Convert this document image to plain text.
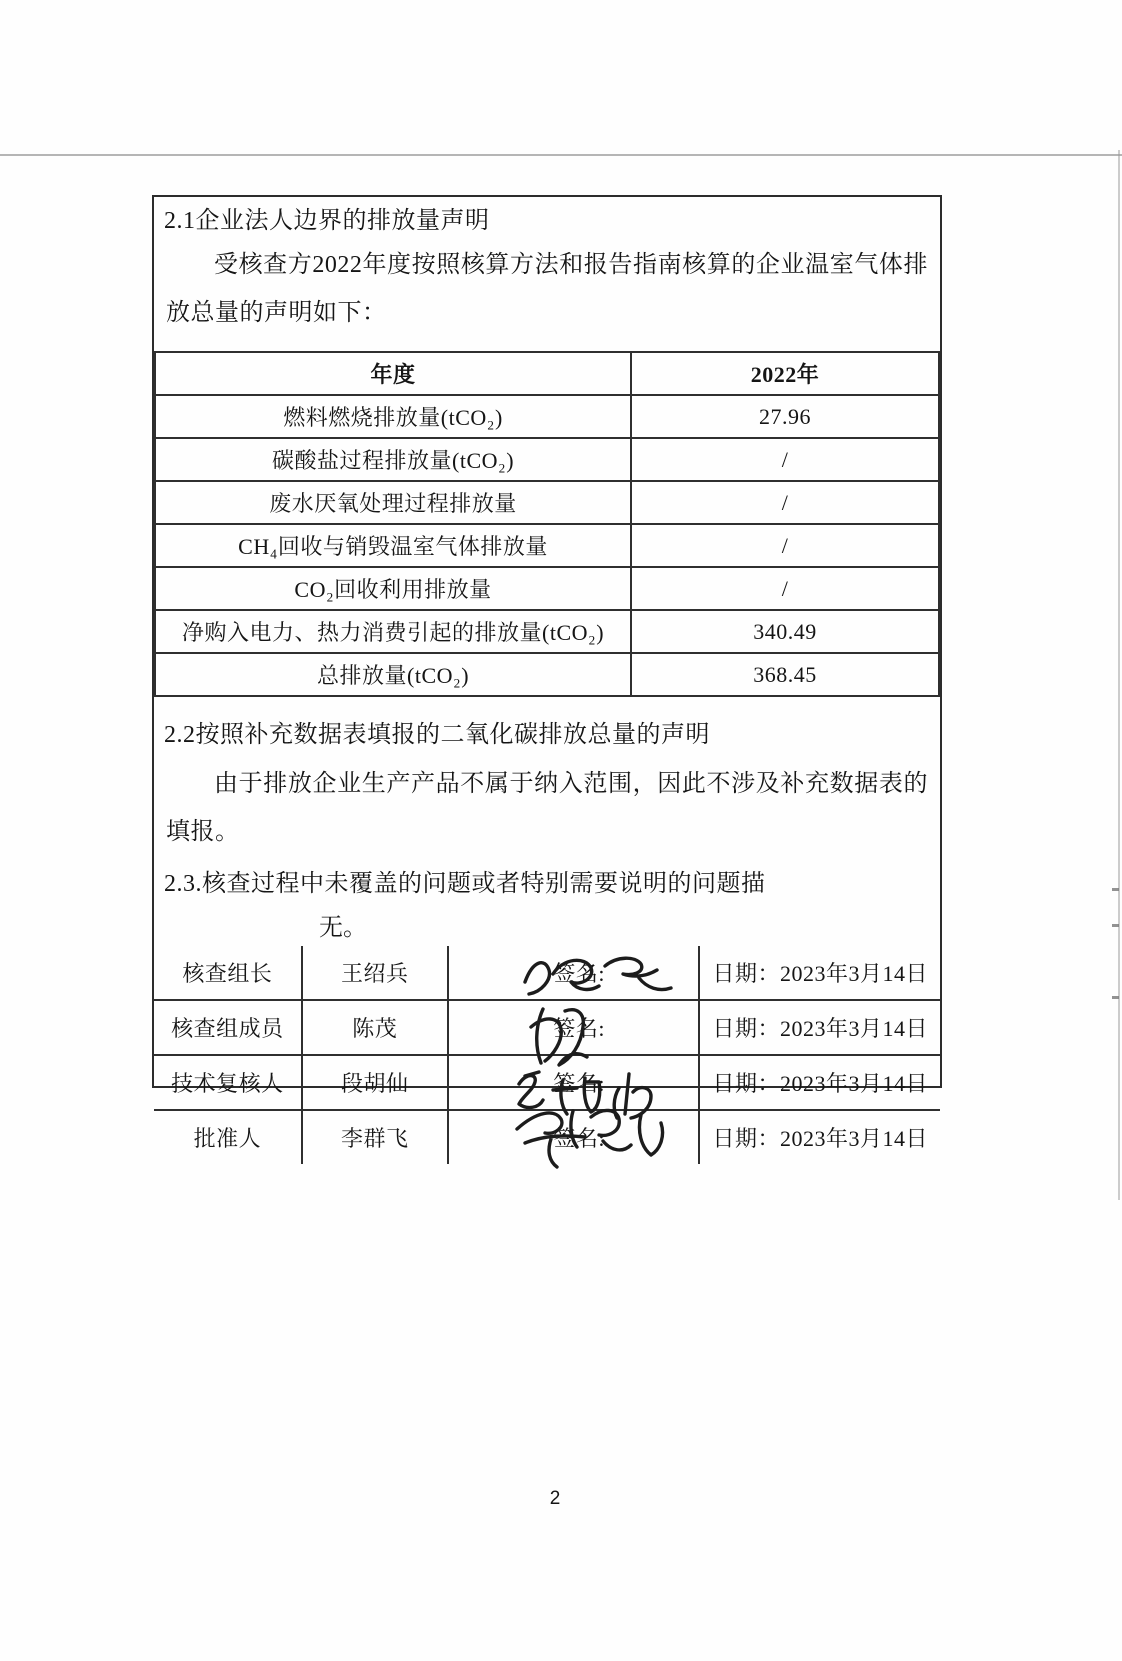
2.1企业法人边界的排放量声明
受核查方2022年度按照核算方法和报告指南核算的企业温室气体排放总量的声明如下：
年度	2022年
燃料燃烧排放量(tCO₂)	27.96
碳酸盐过程排放量(tCO₂)	/
废水厌氧处理过程排放量	/
CH₄回收与销毁温室气体排放量	/
CO₂回收利用排放量	/
净购入电力、热力消费引起的排放量(tCO₂)	340.49
总排放量(tCO₂)	368.45
2.2按照补充数据表填报的二氧化碳排放总量的声明
由于排放企业生产产品不属于纳入范围，因此不涉及补充数据表的填报。
2.3.核查过程中未覆盖的问题或者特别需要说明的问题描
无。
核查组长	王绍兵	签名:	日期：2023年3月14日
核查组成员	陈茂	签名:	日期：2023年3月14日
技术复核人	段胡仙	签名:	日期：2023年3月14日
批准人	李群飞	签名:	日期：2023年3月14日
2
